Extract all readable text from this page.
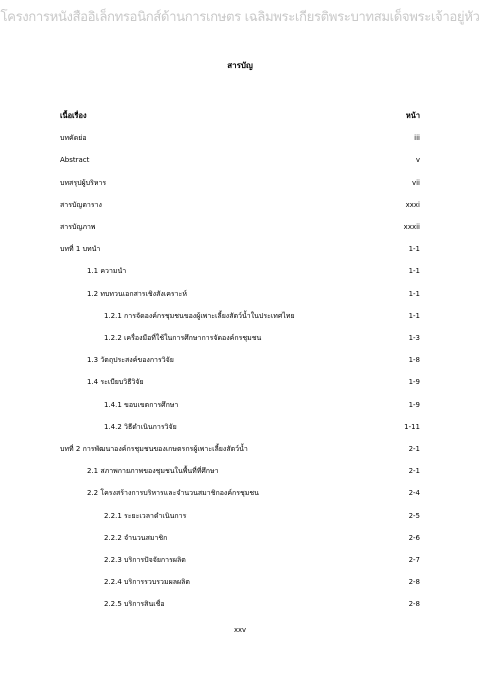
โครงการหนังสืออิเล็กทรอนิกส์ด้านการเกษตร เฉลิมพระเกียรติพระบาทสมเด็จพระเจ้าอยู่หัว
สารบัญ
เนื้อเรื่อง	หน้า
บทคัดย่อ	iii
Abstract	v
บทสรุปผู้บริหาร	vii
สารบัญตาราง	xxxi
สารบัญภาพ	xxxii
บทที่ 1 บทนำ	1-1
1.1 ความนำ	1-1
1.2 ทบทวนเอกสารเชิงสังเคราะห์	1-1
1.2.1 การจัดองค์กรชุมชนของผู้เพาะเลี้ยงสัตว์น้ำในประเทศไทย	1-1
1.2.2 เครื่องมือที่ใช้ในการศึกษาการจัดองค์กรชุมชน	1-3
1.3 วัตถุประสงค์ของการวิจัย	1-8
1.4 ระเบียบวิธีวิจัย	1-9
1.4.1 ขอบเขตการศึกษา	1-9
1.4.2 วิธีดำเนินการวิจัย	1-11
บทที่ 2 การพัฒนาองค์กรชุมชนของเกษตรกรผู้เพาะเลี้ยงสัตว์น้ำ	2-1
2.1 สภาพกายภาพของชุมชนในพื้นที่ที่ศึกษา	2-1
2.2 โครงสร้างการบริหารและจำนวนสมาชิกองค์กรชุมชน	2-4
2.2.1 ระยะเวลาดำเนินการ	2-5
2.2.2 จำนวนสมาชิก	2-6
2.2.3 บริการปัจจัยการผลิต	2-7
2.2.4 บริการรวบรวมผลผลิต	2-8
2.2.5 บริการสินเชื่อ	2-8
xxv
